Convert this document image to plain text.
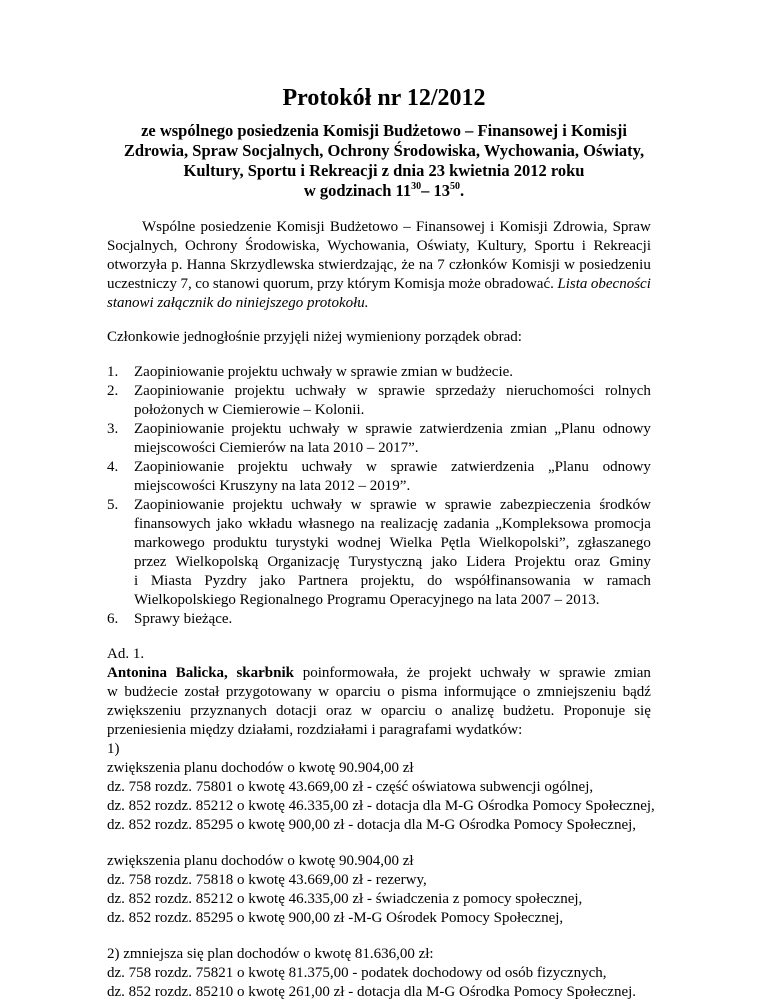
Protokół nr 12/2012
ze wspólnego posiedzenia Komisji Budżetowo – Finansowej i Komisji
Zdrowia, Spraw Socjalnych, Ochrony Środowiska, Wychowania, Oświaty,
Kultury, Sportu i Rekreacji z dnia 23 kwietnia 2012 roku
w godzinach $11^{30}-$ $13^{50}$.
Wspólne posiedzenie Komisji Budżetowo – Finansowej i Komisji Zdrowia, Spraw
Socjalnych, Ochrony Środowiska, Wychowania, Oświaty, Kultury, Sportu i Rekreacji
otworzyła p. Hanna Skrzydlewska stwierdzając, że na 7 członków Komisji w posiedzeniu
uczestniczy 7, co stanowi quorum, przy którym Komisja może obradować. Lista obecności
stanowi załącznik do niniejszego protokołu.
Członkowie jednogłośnie przyjęli niżej wymieniony porządek obrad:
1. Zaopiniowanie projektu uchwały w sprawie zmian w budżecie.
2. Zaopiniowanie projektu uchwały w sprawie sprzedaży nieruchomości rolnych
położonych w Ciemierowie – Kolonii.
3. Zaopiniowanie projektu uchwały w sprawie zatwierdzenia zmian „Planu odnowy
miejscowości Ciemierów na lata 2010 – 2017”.
4. Zaopiniowanie projektu uchwały w sprawie zatwierdzenia „Planu odnowy
miejscowości Kruszyny na lata 2012 – 2019”.
5. Zaopiniowanie projektu uchwały w sprawie w sprawie zabezpieczenia środków
finansowych jako wkładu własnego na realizację zadania „Kompleksowa promocja
markowego produktu turystyki wodnej Wielka Pętla Wielkopolski”, zgłaszanego
przez Wielkopolską Organizację Turystyczną jako Lidera Projektu oraz Gminy
i Miasta Pyzdry jako Partnera projektu, do współfinansowania w ramach
Wielkopolskiego Regionalnego Programu Operacyjnego na lata 2007 – 2013.
6. Sprawy bieżące.
Ad. 1.
Antonina Balicka, skarbnik poinformowała, że projekt uchwały w sprawie zmian
w budżecie został przygotowany w oparciu o pisma informujące o zmniejszeniu bądź
zwiększeniu przyznanych dotacji oraz w oparciu o analizę budżetu. Proponuje się
przeniesienia między działami, rozdziałami i paragrafami wydatków:
1)
zwiększenia planu dochodów o kwotę 90.904,00 zł
dz. 758 rozdz. 75801 o kwotę 43.669,00 zł - część oświatowa subwencji ogólnej,
dz. 852 rozdz. 85212 o kwotę 46.335,00 zł - dotacja dla M-G Ośrodka Pomocy Społecznej,
dz. 852 rozdz. 85295 o kwotę 900,00 zł - dotacja dla M-G Ośrodka Pomocy Społecznej,
zwiększenia planu dochodów o kwotę 90.904,00 zł
dz. 758 rozdz. 75818 o kwotę 43.669,00 zł - rezerwy,
dz. 852 rozdz. 85212 o kwotę 46.335,00 zł - świadczenia z pomocy społecznej,
dz. 852 rozdz. 85295 o kwotę 900,00 zł -M-G Ośrodek Pomocy Społecznej,
2) zmniejsza się plan dochodów o kwotę 81.636,00 zł:
dz. 758 rozdz. 75821 o kwotę 81.375,00 - podatek dochodowy od osób fizycznych,
dz. 852 rozdz. 85210 o kwotę 261,00 zł - dotacja dla M-G Ośrodka Pomocy Społecznej.
